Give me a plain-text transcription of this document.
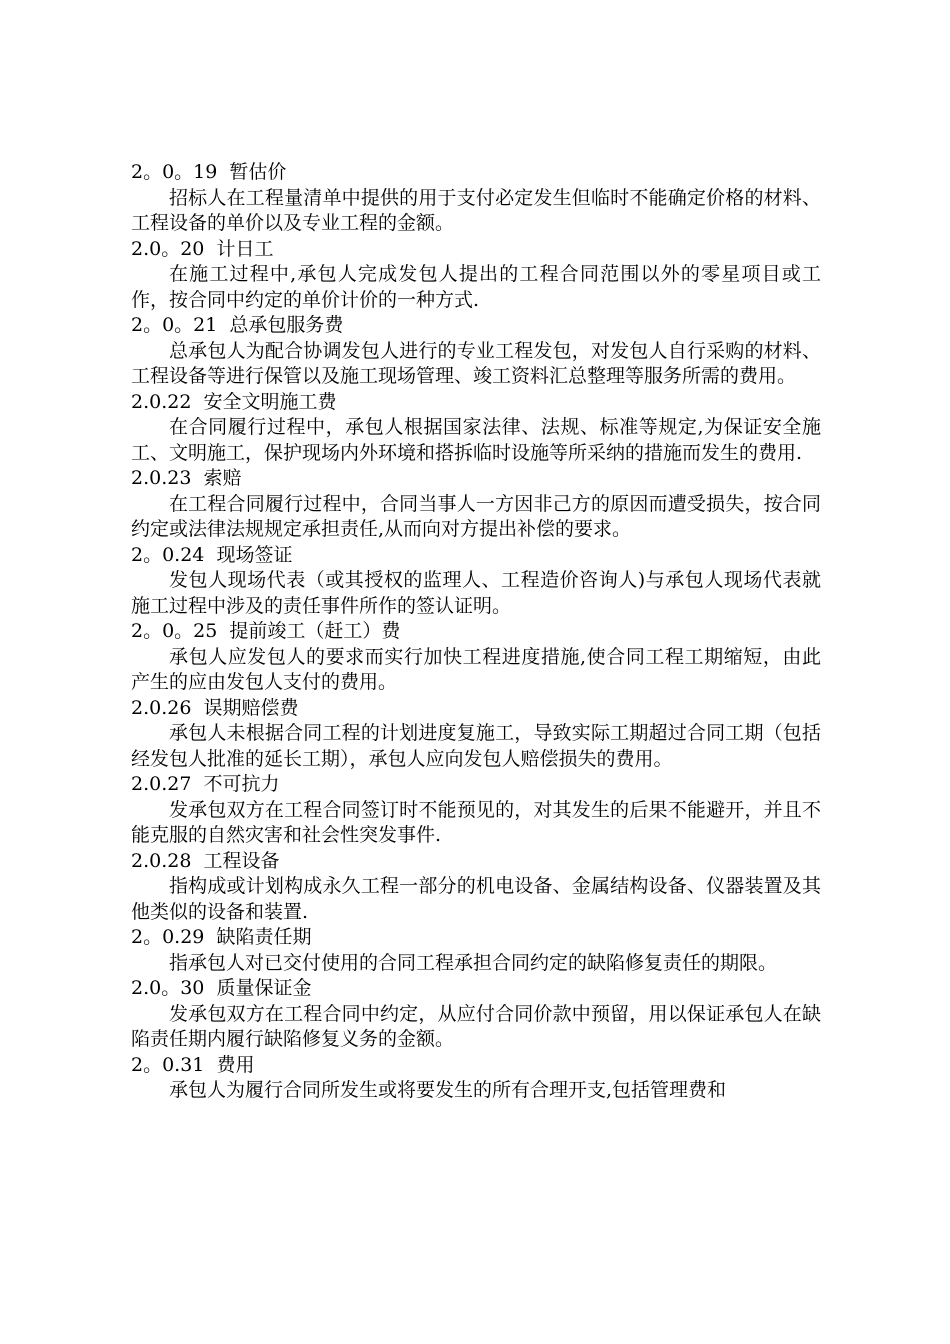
2。0。19  暂估价
招标人在工程量清单中提供的用于支付必定发生但临时不能确定价格的材料、工程设备的单价以及专业工程的金额。
2.0。20  计日工
在施工过程中,承包人完成发包人提出的工程合同范围以外的零星项目或工作，按合同中约定的单价计价的一种方式.
2。0。21  总承包服务费
总承包人为配合协调发包人进行的专业工程发包，对发包人自行采购的材料、工程设备等进行保管以及施工现场管理、竣工资料汇总整理等服务所需的费用。
2.0.22  安全文明施工费
在合同履行过程中，承包人根据国家法律、法规、标准等规定,为保证安全施工、文明施工，保护现场内外环境和搭拆临时设施等所采纳的措施而发生的费用.
2.0.23  索赔
在工程合同履行过程中，合同当事人一方因非己方的原因而遭受损失，按合同约定或法律法规规定承担责任,从而向对方提出补偿的要求。
2。0.24  现场签证
发包人现场代表（或其授权的监理人、工程造价咨询人)与承包人现场代表就施工过程中涉及的责任事件所作的签认证明。
2。0。25  提前竣工（赶工）费
承包人应发包人的要求而实行加快工程进度措施,使合同工程工期缩短，由此产生的应由发包人支付的费用。
2.0.26  误期赔偿费
承包人未根据合同工程的计划进度复施工，导致实际工期超过合同工期（包括经发包人批准的延长工期），承包人应向发包人赔偿损失的费用。
2.0.27  不可抗力
发承包双方在工程合同签订时不能预见的，对其发生的后果不能避开，并且不能克服的自然灾害和社会性突发事件.
2.0.28  工程设备
指构成或计划构成永久工程一部分的机电设备、金属结构设备、仪器装置及其他类似的设备和装置.
2。0.29  缺陷责任期
指承包人对已交付使用的合同工程承担合同约定的缺陷修复责任的期限。
2.0。30  质量保证金
发承包双方在工程合同中约定，从应付合同价款中预留，用以保证承包人在缺陷责任期内履行缺陷修复义务的金额。
2。0.31  费用
承包人为履行合同所发生或将要发生的所有合理开支,包括管理费和
